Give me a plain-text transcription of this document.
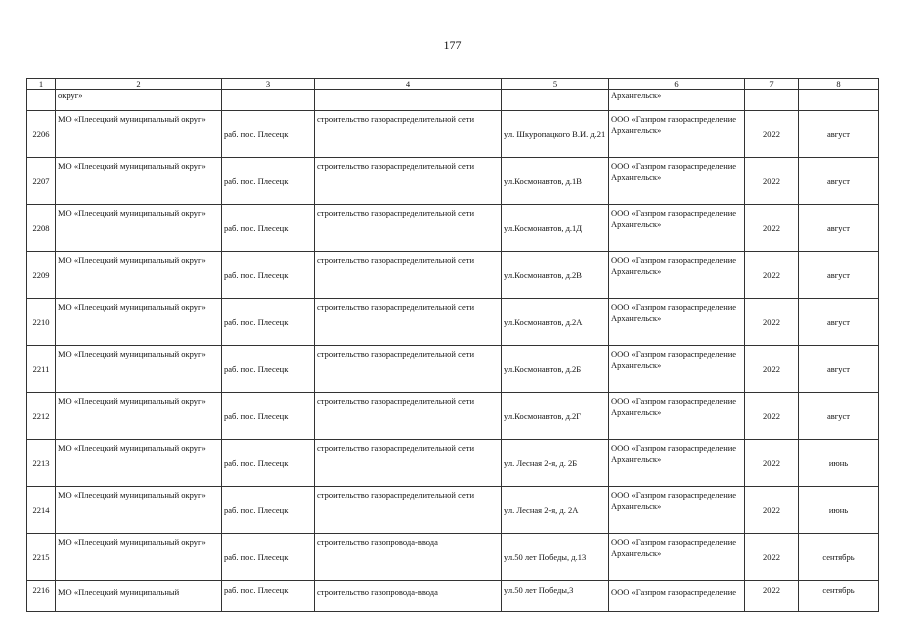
177
1	2	3	4	5	6	7	8
	округ»				Архангельск»		
2206	МО «Плесецкий муниципальный округ»	раб. пос. Плесецк	строительство газораспределительной сети	ул. Шкуропацкого В.И. д.21	ООО «Газпром газораспределение Архангельск»	2022	август
2207	МО «Плесецкий муниципальный округ»	раб. пос. Плесецк	строительство газораспределительной сети	ул.Космонавтов, д.1В	ООО «Газпром газораспределение Архангельск»	2022	август
2208	МО «Плесецкий муниципальный округ»	раб. пос. Плесецк	строительство газораспределительной сети	ул.Космонавтов, д.1Д	ООО «Газпром газораспределение Архангельск»	2022	август
2209	МО «Плесецкий муниципальный округ»	раб. пос. Плесецк	строительство газораспределительной сети	ул.Космонавтов, д.2В	ООО «Газпром газораспределение Архангельск»	2022	август
2210	МО «Плесецкий муниципальный округ»	раб. пос. Плесецк	строительство газораспределительной сети	ул.Космонавтов, д.2А	ООО «Газпром газораспределение Архангельск»	2022	август
2211	МО «Плесецкий муниципальный округ»	раб. пос. Плесецк	строительство газораспределительной сети	ул.Космонавтов, д.2Б	ООО «Газпром газораспределение Архангельск»	2022	август
2212	МО «Плесецкий муниципальный округ»	раб. пос. Плесецк	строительство газораспределительной сети	ул.Космонавтов, д.2Г	ООО «Газпром газораспределение Архангельск»	2022	август
2213	МО «Плесецкий муниципальный округ»	раб. пос. Плесецк	строительство газораспределительной сети	ул. Лесная 2-я, д. 2Б	ООО «Газпром газораспределение Архангельск»	2022	июнь
2214	МО «Плесецкий муниципальный округ»	раб. пос. Плесецк	строительство газораспределительной сети	ул. Лесная 2-я, д. 2А	ООО «Газпром газораспределение Архангельск»	2022	июнь
2215	МО «Плесецкий муниципальный округ»	раб. пос. Плесецк	строительство газопровода-ввода	ул.50 лет Победы, д.13	ООО «Газпром газораспределение Архангельск»	2022	сентябрь
2216	МО «Плесецкий муниципальный	раб. пос. Плесецк	строительство газопровода-ввода	ул.50 лет Победы,3	ООО «Газпром газораспределение	2022	сентябрь
